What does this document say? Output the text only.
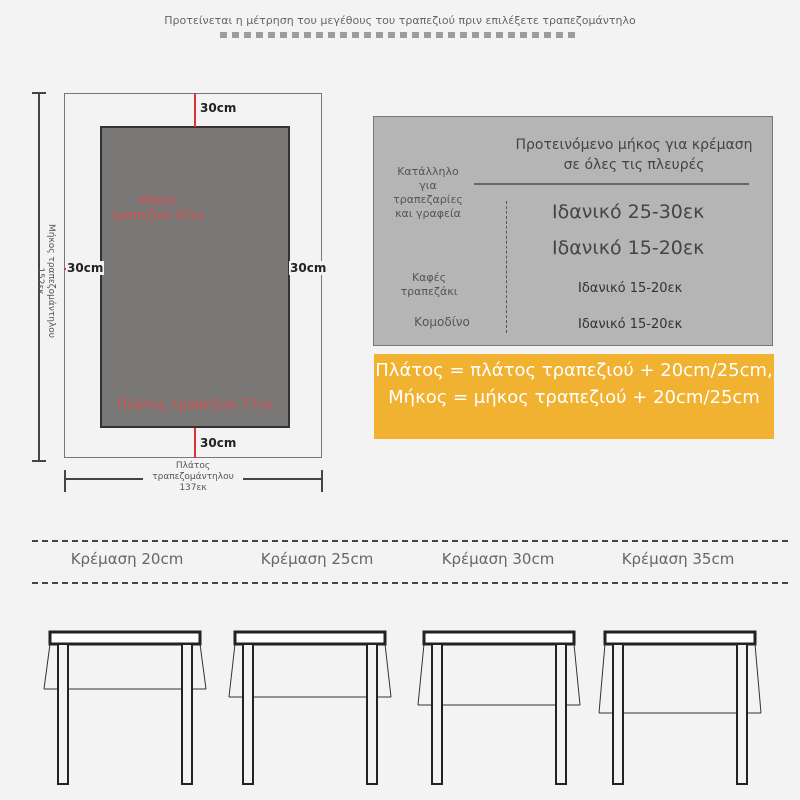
Προτείνεται η μέτρηση του μεγέθους του τραπεζιού πριν επιλέξετε τραπεζομάντηλο
Μήκος τραπεζομάντηλου 152εκ
30cm
30cm
30cm	30cm
Μήκος τραπεζιού 92εκ
Πλάτος τραπεζιού 77εκ
Πλάτος τραπεζομάντηλου 137εκ
Προτεινόμενο μήκος για κρέμαση σε όλες τις πλευρές
Κατάλληλο για τραπεζαρίες και γραφεία	Ιδανικό 25-30εκ
Ιδανικό 15-20εκ
Καφές τραπεζάκι	Ιδανικό 15-20εκ
Κομοδίνο	Ιδανικό 15-20εκ
Πλάτος = πλάτος τραπεζιού + 20cm/25cm, Μήκος = μήκος τραπεζιού + 20cm/25cm
Κρέμαση 20cm	Κρέμαση 25cm	Κρέμαση 30cm	Κρέμαση 35cm
